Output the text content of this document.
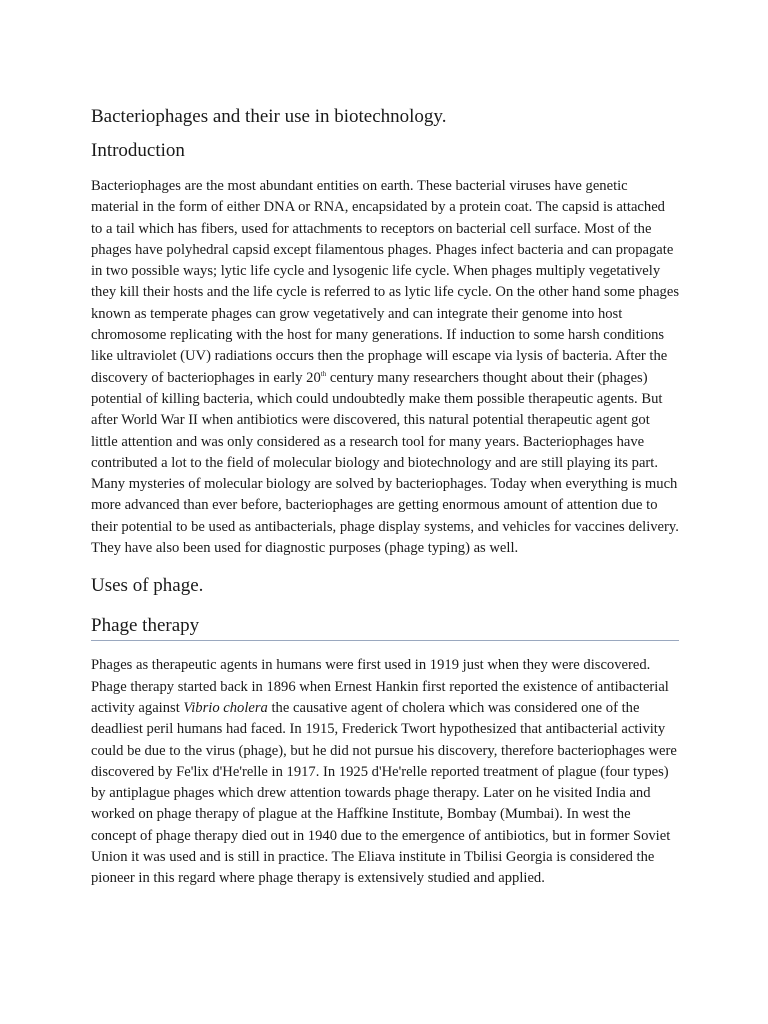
Bacteriophages and their use in biotechnology.
Introduction

Bacteriophages are the most abundant entities on earth. These bacterial viruses have genetic material in the form of either DNA or RNA, encapsidated by a protein coat. The capsid is attached to a tail which has fibers, used for attachments to receptors on bacterial cell surface. Most of the phages have polyhedral capsid except filamentous phages. Phages infect bacteria and can propagate in two possible ways; lytic life cycle and lysogenic life cycle. When phages multiply vegetatively they kill their hosts and the life cycle is referred to as lytic life cycle. On the other hand some phages known as temperate phages can grow vegetatively and can integrate their genome into host chromosome replicating with the host for many generations. If induction to some harsh conditions like ultraviolet (UV) radiations occurs then the prophage will escape via lysis of bacteria. After the discovery of bacteriophages in early 20th century many researchers thought about their (phages) potential of killing bacteria, which could undoubtedly make them possible therapeutic agents. But after World War II when antibiotics were discovered, this natural potential therapeutic agent got little attention and was only considered as a research tool for many years. Bacteriophages have contributed a lot to the field of molecular biology and biotechnology and are still playing its part. Many mysteries of molecular biology are solved by bacteriophages. Today when everything is much more advanced than ever before, bacteriophages are getting enormous amount of attention due to their potential to be used as antibacterials, phage display systems, and vehicles for vaccines delivery. They have also been used for diagnostic purposes (phage typing) as well.

Uses of phage.
Phage therapy

Phages as therapeutic agents in humans were first used in 1919 just when they were discovered. Phage therapy started back in 1896 when Ernest Hankin first reported the existence of antibacterial activity against Vibrio cholera the causative agent of cholera which was considered one of the deadliest peril humans had faced. In 1915, Frederick Twort hypothesized that antibacterial activity could be due to the virus (phage), but he did not pursue his discovery, therefore bacteriophages were discovered by Fe'lix d'He'relle in 1917. In 1925 d'He'relle reported treatment of plague (four types) by antiplague phages which drew attention towards phage therapy. Later on he visited India and worked on phage therapy of plague at the Haffkine Institute, Bombay (Mumbai). In west the concept of phage therapy died out in 1940 due to the emergence of antibiotics, but in former Soviet Union it was used and is still in practice. The Eliava institute in Tbilisi Georgia is considered the pioneer in this regard where phage therapy is extensively studied and applied.
